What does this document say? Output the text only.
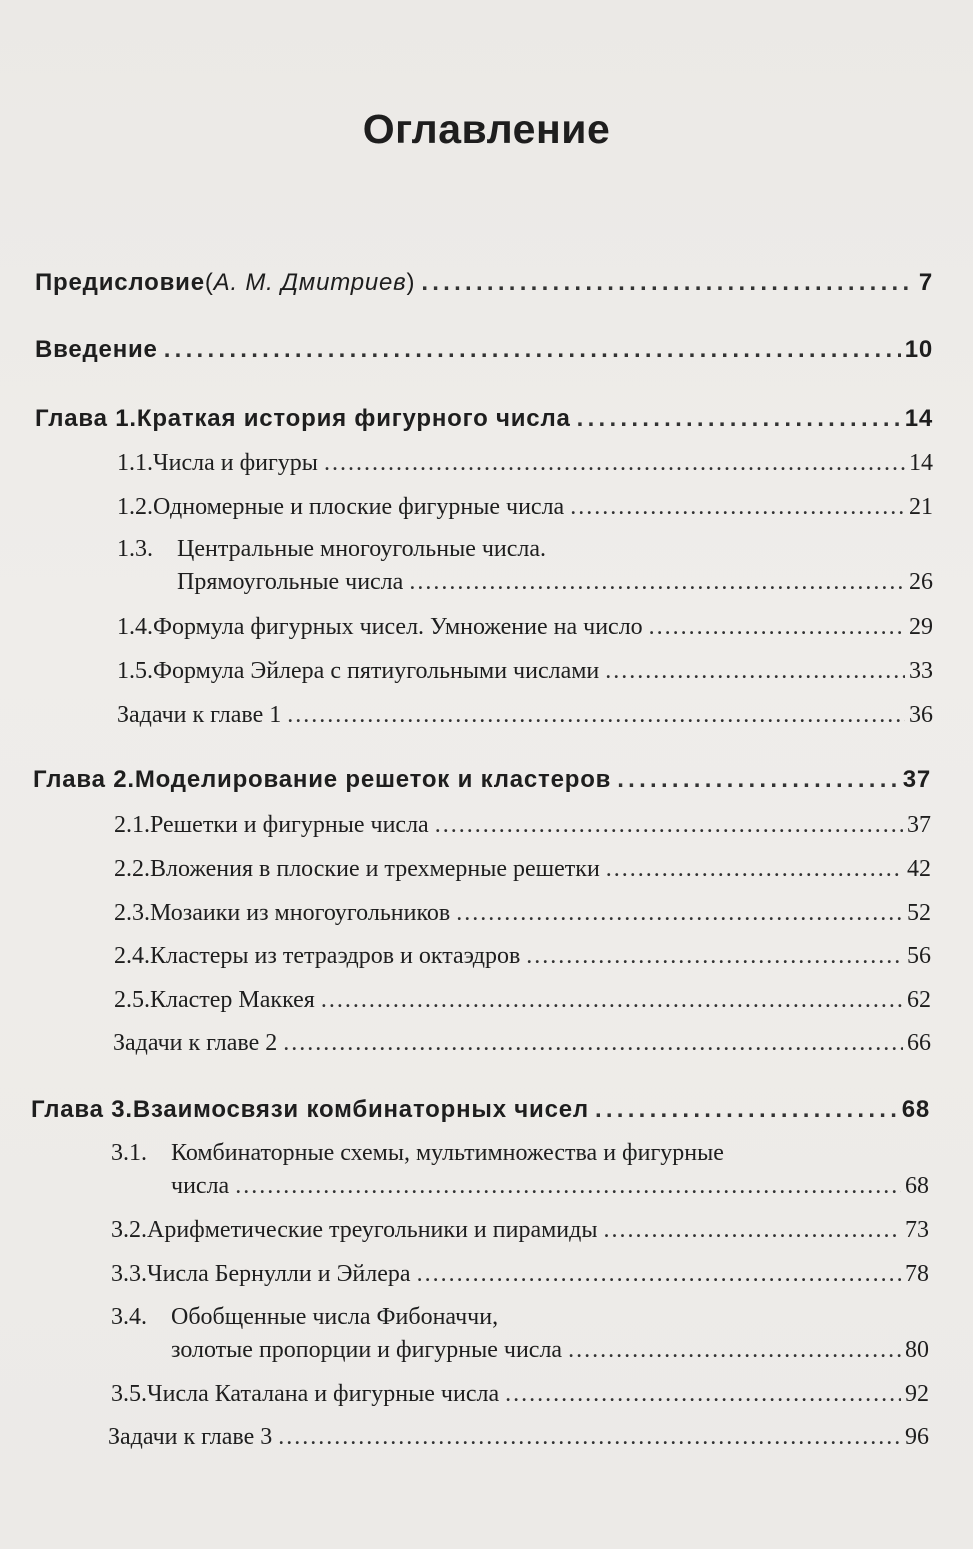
Оглавление
Предисловие ( А. М. Дмитриев ) . . .	7
Введение . . .	10
Глава 1. Краткая история фигурного числа . . .	14
1.1. Числа и фигуры . . .	14
1.2. Одномерные и плоские фигурные числа . . .	21
1.3. Центральные многоугольные числа.
Прямоугольные числа . . .	26
1.4. Формула фигурных чисел. Умножение на число . . .	29
1.5. Формула Эйлера с пятиугольными числами . . .	33
Задачи к главе 1 . . .	36
Глава 2. Моделирование решеток и кластеров . . .	37
2.1. Решетки и фигурные числа . . .	37
2.2. Вложения в плоские и трехмерные решетки . . .	42
2.3. Мозаики из многоугольников . . .	52
2.4. Кластеры из тетраэдров и октаэдров . . .	56
2.5. Кластер Маккея . . .	62
Задачи к главе 2 . . .	66
Глава 3. Взаимосвязи комбинаторных чисел . . .	68
3.1. Комбинаторные схемы, мультимножества и фигурные
числа . . .	68
3.2. Арифметические треугольники и пирамиды . . .	73
3.3. Числа Бернулли и Эйлера . . .	78
3.4. Обобщенные числа Фибоначчи,
золотые пропорции и фигурные числа . . .	80
3.5. Числа Каталана и фигурные числа . . .	92
Задачи к главе 3 . . .	96
